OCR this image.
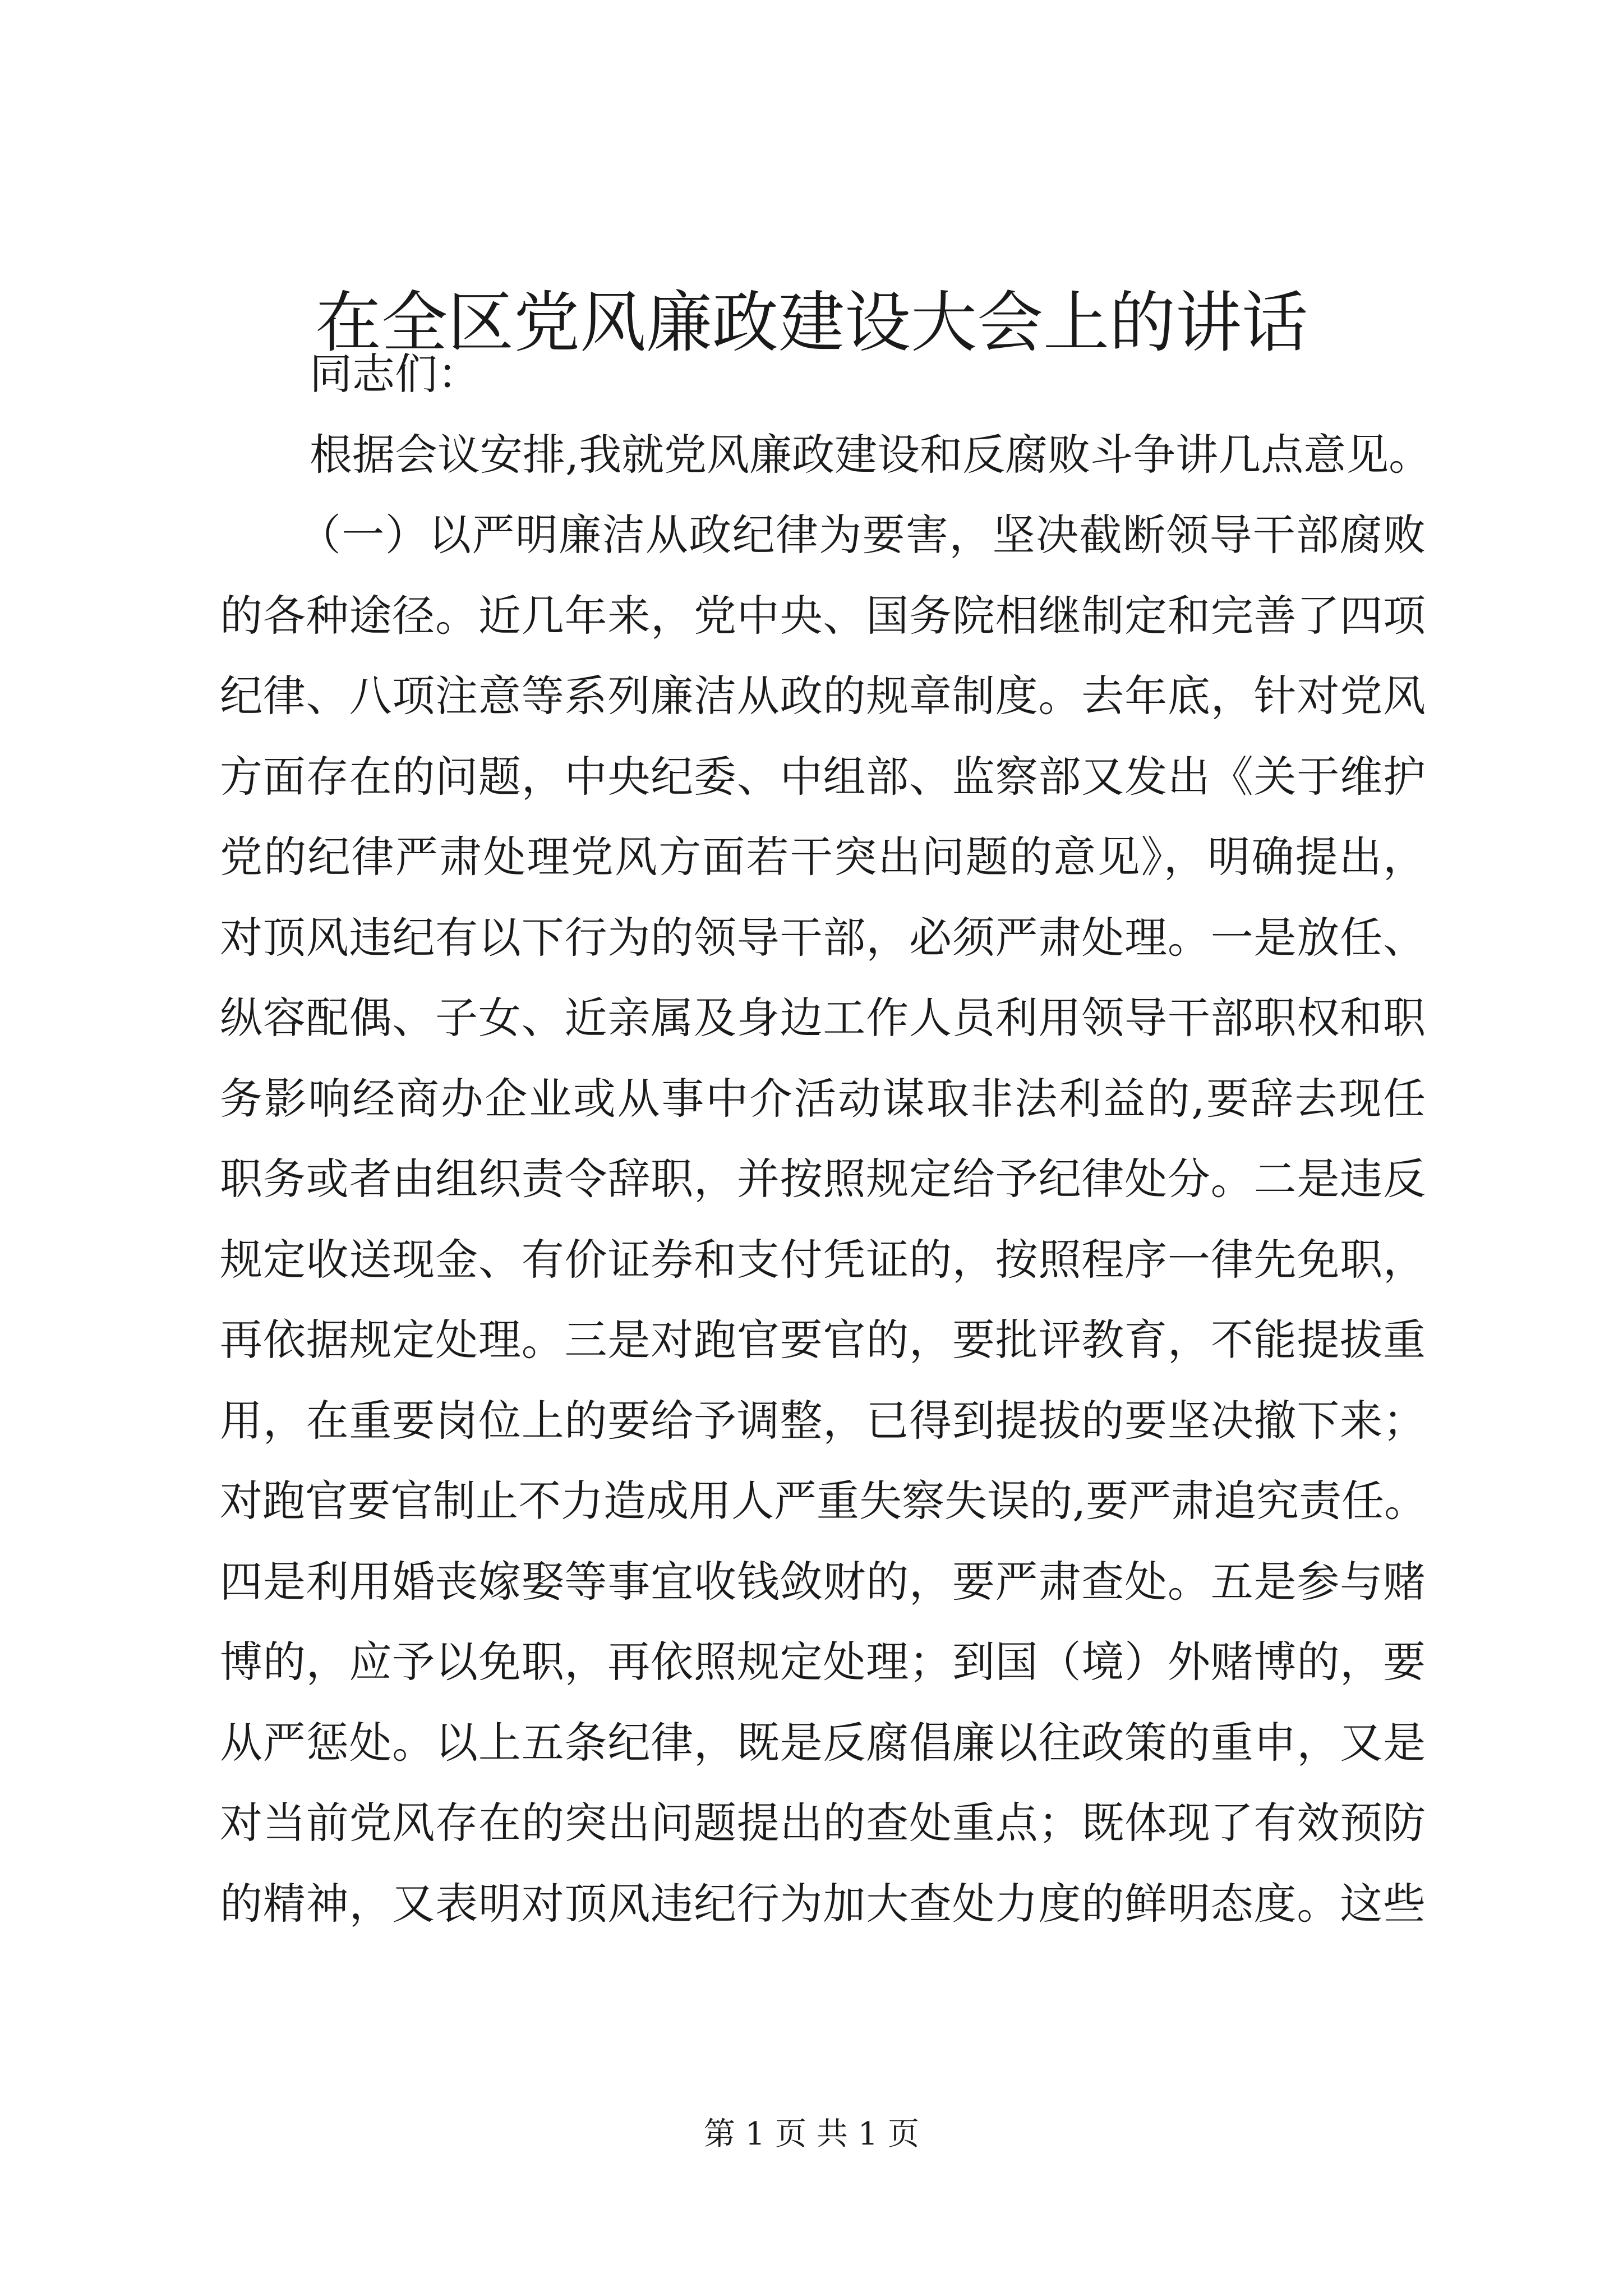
在全区党风廉政建设大会上的讲话
同志们：
根据会议安排,我就党风廉政建设和反腐败斗争讲几点意见。
（一）以严明廉洁从政纪律为要害，坚决截断领导干部腐败
的各种途径。近几年来，党中央、国务院相继制定和完善了四项
纪律、八项注意等系列廉洁从政的规章制度。去年底，针对党风
方面存在的问题，中央纪委、中组部、监察部又发出《关于维护
党的纪律严肃处理党风方面若干突出问题的意见》，明确提出，
对顶风违纪有以下行为的领导干部，必须严肃处理。一是放任、
纵容配偶、子女、近亲属及身边工作人员利用领导干部职权和职
务影响经商办企业或从事中介活动谋取非法利益的,要辞去现任
职务或者由组织责令辞职，并按照规定给予纪律处分。二是违反
规定收送现金、有价证券和支付凭证的，按照程序一律先免职，
再依据规定处理。三是对跑官要官的，要批评教育，不能提拔重
用，在重要岗位上的要给予调整，已得到提拔的要坚决撤下来；
对跑官要官制止不力造成用人严重失察失误的,要严肃追究责任。
四是利用婚丧嫁娶等事宜收钱敛财的，要严肃查处。五是参与赌
博的，应予以免职，再依照规定处理；到国（境）外赌博的，要
从严惩处。以上五条纪律，既是反腐倡廉以往政策的重申，又是
对当前党风存在的突出问题提出的查处重点；既体现了有效预防
的精神，又表明对顶风违纪行为加大查处力度的鲜明态度。这些
第 1 页 共 1 页
